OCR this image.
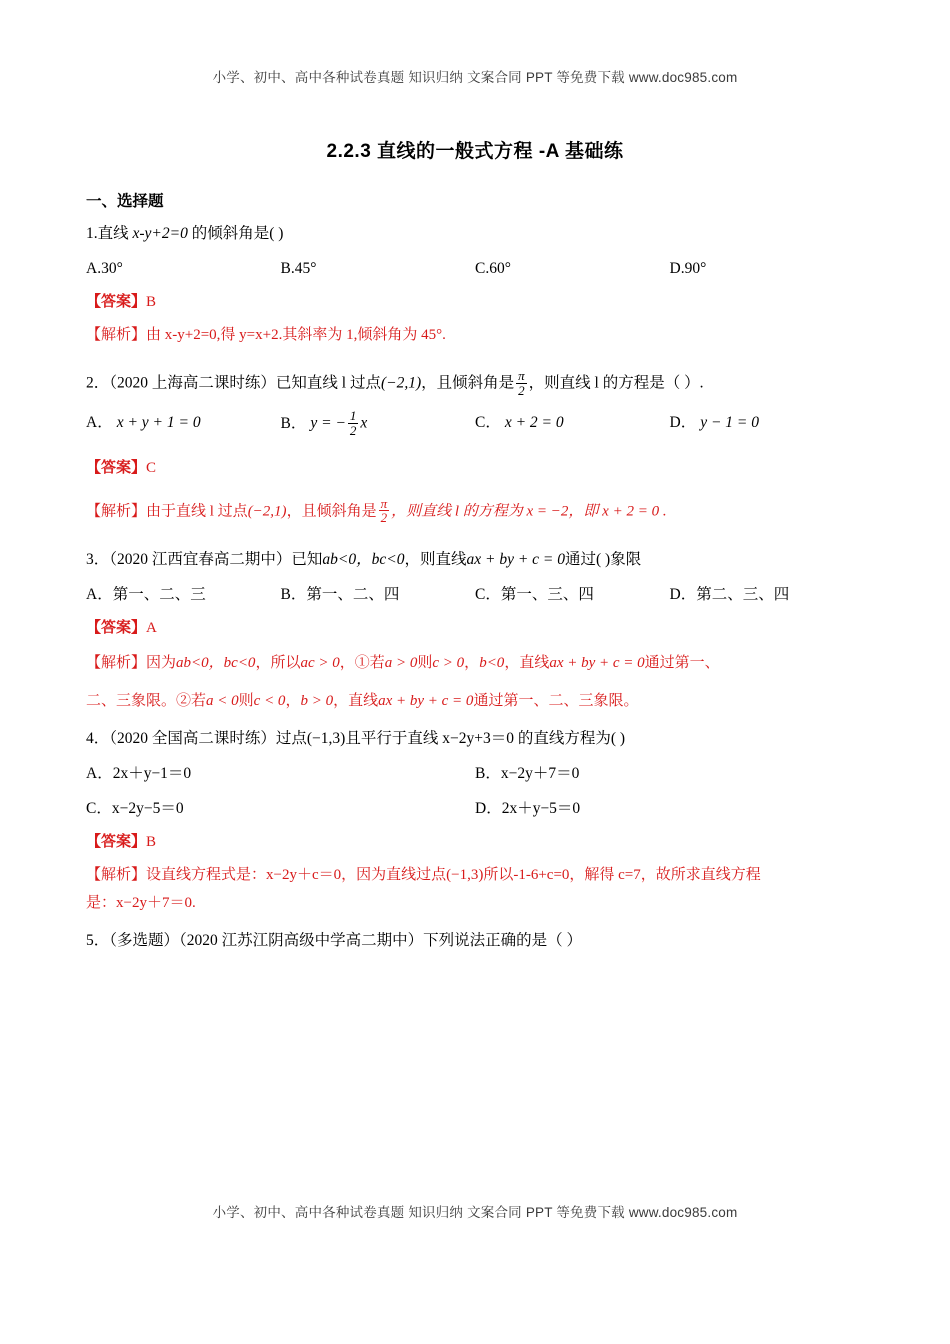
小学、初中、高中各种试卷真题 知识归纳 文案合同 PPT 等免费下载 www.doc985.com
2.2.3 直线的一般式方程 -A 基础练
一、选择题
1.直线 x-y+2=0 的倾斜角是( )
A.30°	B.45°	C.60°	D.90°
【答案】B
【解析】由 x-y+2=0,得 y=x+2.其斜率为 1,倾斜角为 45°.
2．（2020 上海高二课时练）已知直线 l 过点(−2,1)，且倾斜角是 $\frac{\pi}{2}$ ，则直线 l 的方程是（ ）.
A． x + y + 1 = 0	B． y = − $\frac{1}{2}$ x	C． x + 2 = 0	D． y − 1 = 0
【答案】C
【解析】由于直线 l 过点(−2,1)，且倾斜角是 $\frac{\pi}{2}$ ，则直线 l 的方程为 x = −2，即 x + 2 = 0 .
3．（2020 江西宜春高二期中）已知ab<0，bc<0，则直线ax + by + c = 0通过( )象限
A．第一、二、三	B．第一、二、四	C．第一、三、四	D．第二、三、四
【答案】A
【解析】因为ab<0，bc<0，所以ac > 0，①若a > 0则c > 0，b<0，直线ax + by + c = 0通过第一、
二、三象限。②若a < 0则c < 0，b > 0，直线ax + by + c = 0通过第一、二、三象限。
4．（2020 全国高二课时练）过点(−1,3)且平行于直线 x−2y+3＝0 的直线方程为( )
A．2x＋y−1＝0	B．x−2y＋7＝0
C．x−2y−5＝0	D．2x＋y−5＝0
【答案】B
【解析】设直线方程式是：x−2y＋c＝0，因为直线过点(−1,3)所以-1-6+c=0，解得 c=7，故所求直线方程
是：x−2y＋7＝0.
5．（多选题）（2020 江苏江阴高级中学高二期中）下列说法正确的是（ ）
小学、初中、高中各种试卷真题 知识归纳 文案合同 PPT 等免费下载 www.doc985.com
